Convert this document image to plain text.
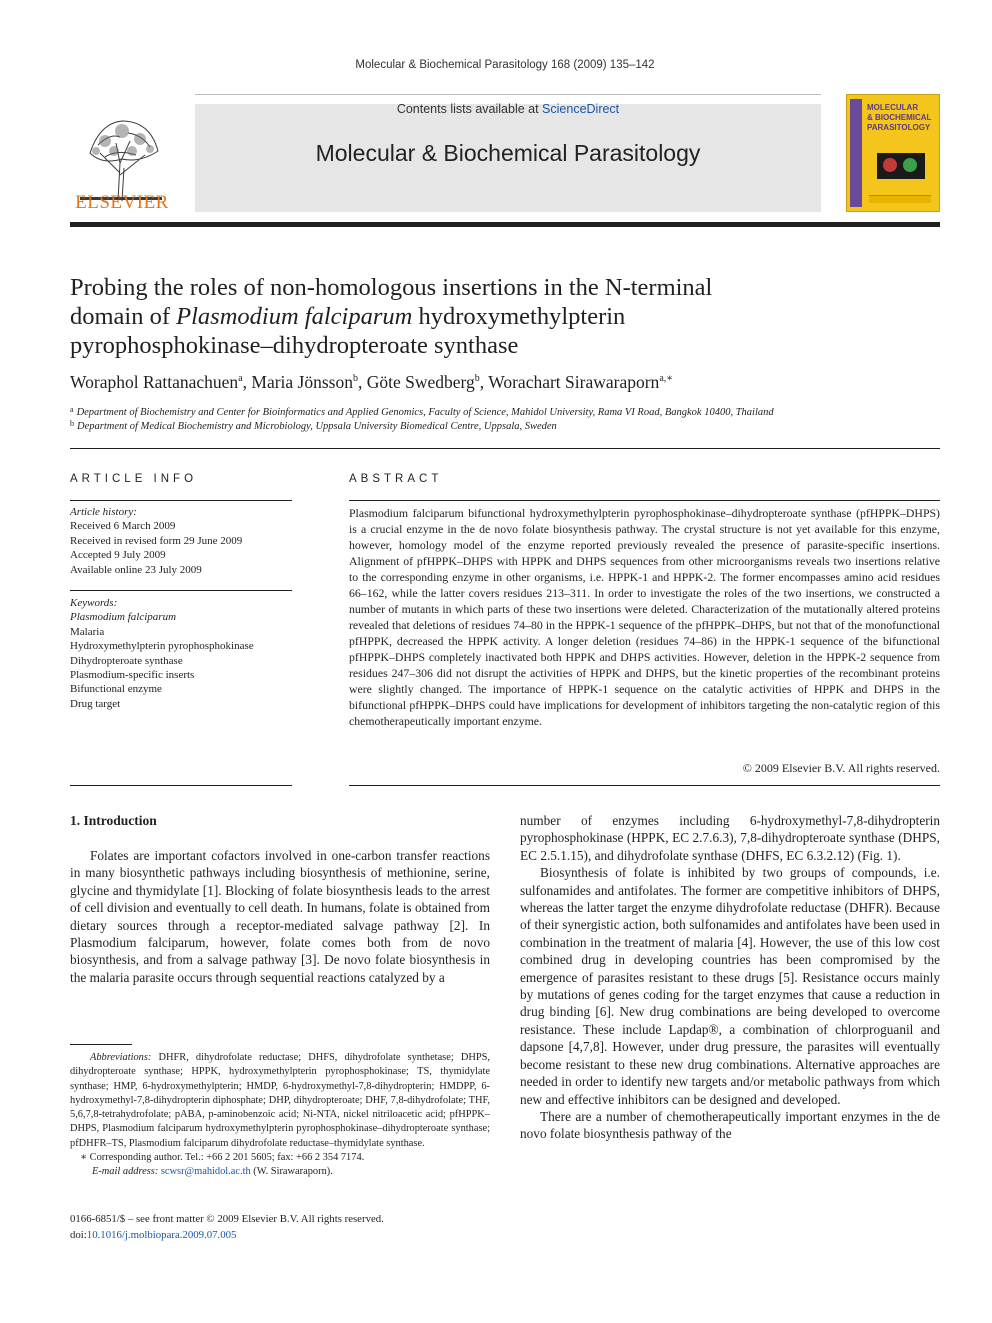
Molecular & Biochemical Parasitology 168 (2009) 135–142
ELSEVIER
Contents lists available at ScienceDirect
Molecular & Biochemical Parasitology
MOLECULAR
& BIOCHEMICAL
PARASITOLOGY
Probing the roles of non-homologous insertions in the N-terminal
domain of Plasmodium falciparum hydroxymethylpterin
pyrophosphokinase–dihydropteroate synthase
Woraphol Rattanachuen$^a$, Maria Jönsson$^b$, Göte Swedberg$^b$, Worachart Sirawaraporn$^{a,∗}$
$^a$ Department of Biochemistry and Center for Bioinformatics and Applied Genomics, Faculty of Science, Mahidol University, Rama VI Road, Bangkok 10400, Thailand
$^b$ Department of Medical Biochemistry and Microbiology, Uppsala University Biomedical Centre, Uppsala, Sweden
ARTICLE INFO	ABSTRACT
Article history:
Received 6 March 2009
Received in revised form 29 June 2009
Accepted 9 July 2009
Available online 23 July 2009
Keywords:
Plasmodium falciparum
Malaria
Hydroxymethylpterin pyrophosphokinase
Dihydropteroate synthase
Plasmodium-specific inserts
Bifunctional enzyme
Drug target
Plasmodium falciparum bifunctional hydroxymethylpterin pyrophosphokinase–dihydropteroate synthase (pfHPPK–DHPS) is a crucial enzyme in the de novo folate biosynthesis pathway. The crystal structure is not yet available for this enzyme, however, homology model of the enzyme reported previously revealed the presence of parasite-specific insertions. Alignment of pfHPPK–DHPS with HPPK and DHPS sequences from other microorganisms reveals two insertions relative to the corresponding enzyme in other organisms, i.e. HPPK-1 and HPPK-2. The former encompasses amino acid residues 66–162, while the latter covers residues 213–311. In order to investigate the roles of the two insertions, we constructed a number of mutants in which parts of these two insertions were deleted. Characterization of the mutationally altered proteins revealed that deletions of residues 74–80 in the HPPK-1 sequence of the pfHPPK–DHPS, but not that of the monofunctional pfHPPK, decreased the HPPK activity. A longer deletion (residues 74–86) in the HPPK-1 sequence of the bifunctional pfHPPK–DHPS completely inactivated both HPPK and DHPS activities. However, deletion in the HPPK-2 sequence from residues 247–306 did not disrupt the activities of HPPK and DHPS, but the kinetic properties of the recombinant proteins were slightly changed. The importance of HPPK-1 sequence on the catalytic activities of HPPK and DHPS in the bifunctional pfHPPK–DHPS could have implications for development of inhibitors targeting the non-catalytic region of this chemotherapeutically important enzyme.
© 2009 Elsevier B.V. All rights reserved.
1. Introduction

Folates are important cofactors involved in one-carbon transfer reactions in many biosynthetic pathways including biosynthesis of methionine, serine, glycine and thymidylate [1]. Blocking of folate biosynthesis leads to the arrest of cell division and eventually to cell death. In humans, folate is obtained from dietary sources through a receptor-mediated salvage pathway [2]. In Plasmodium falciparum, however, folate comes both from de novo biosynthesis, and from a salvage pathway [3]. De novo folate biosynthesis in the malaria parasite occurs through sequential reactions catalyzed by a

Abbreviations: DHFR, dihydrofolate reductase; DHFS, dihydrofolate synthetase; DHPS, dihydropteroate synthase; HPPK, hydroxymethylpterin pyrophosphokinase; TS, thymidylate synthase; HMP, 6-hydroxymethylpterin; HMDP, 6-hydroxymethyl-7,8-dihydropterin; HMDPP, 6-hydroxymethyl-7,8-dihydropterin diphosphate; DHP, dihydropteroate; DHF, 7,8-dihydrofolate; THF, 5,6,7,8-tetrahydrofolate; pABA, p-aminobenzoic acid; Ni-NTA, nickel nitriloacetic acid; pfHPPK–DHPS, Plasmodium falciparum hydroxymethylpterin pyrophosphokinase–dihydropteroate synthase; pfDHFR–TS, Plasmodium falciparum dihydrofolate reductase–thymidylate synthase.

∗ Corresponding author. Tel.: +66 2 201 5605; fax: +66 2 354 7174.

E-mail address: scwsr@mahidol.ac.th (W. Sirawaraporn).

0166-6851/$ – see front matter © 2009 Elsevier B.V. All rights reserved.
doi:10.1016/j.molbiopara.2009.07.005

number of enzymes including 6-hydroxymethyl-7,8-dihydropterin pyrophosphokinase (HPPK, EC 2.7.6.3), 7,8-dihydropteroate synthase (DHPS, EC 2.5.1.15), and dihydrofolate synthase (DHFS, EC 6.3.2.12) (Fig. 1).

Biosynthesis of folate is inhibited by two groups of compounds, i.e. sulfonamides and antifolates. The former are competitive inhibitors of DHPS, whereas the latter target the enzyme dihydrofolate reductase (DHFR). Because of their synergistic action, both sulfonamides and antifolates have been used in combination in the treatment of malaria [4]. However, the use of this low cost combined drug in developing countries has been compromised by the emergence of parasites resistant to these drugs [5]. Resistance occurs mainly by mutations of genes coding for the target enzymes that cause a reduction in drug binding [6]. New drug combinations are being developed to overcome resistance. These include Lapdap®, a combination of chlorproguanil and dapsone [4,7,8]. However, under drug pressure, the parasites will eventually become resistant to these new drug combinations. Alternative approaches are needed in order to identify new targets and/or metabolic pathways from which new and effective inhibitors can be designed and developed.

There are a number of chemotherapeutically important enzymes in the de novo folate biosynthesis pathway of the
